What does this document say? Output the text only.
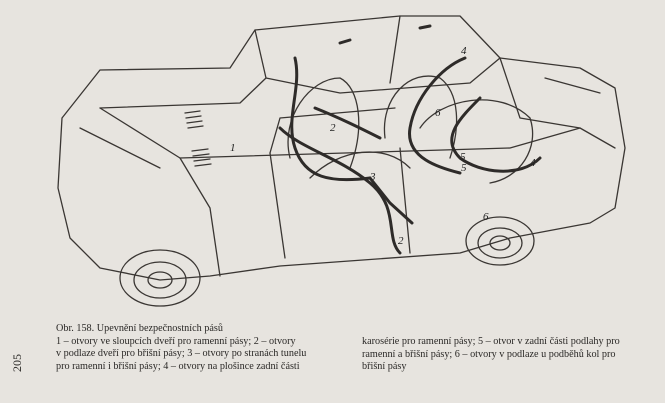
1
2
2
3
4
4
5
5
6
6
Obr. 158. Upevnění bezpečnostních pásů
1 – otvory ve sloupcích dveří pro ramenní pásy; 2 – otvory
v podlaze dveří pro břišní pásy; 3 – otvory po stranách tunelu
pro ramenní i břišní pásy; 4 – otvory na plošince zadní části
karosérie pro ramenní pásy; 5 – otvor v zadní části podlahy pro
ramenní a břišní pásy; 6 – otvory v podlaze u podběhů kol pro
břišní pásy
205
